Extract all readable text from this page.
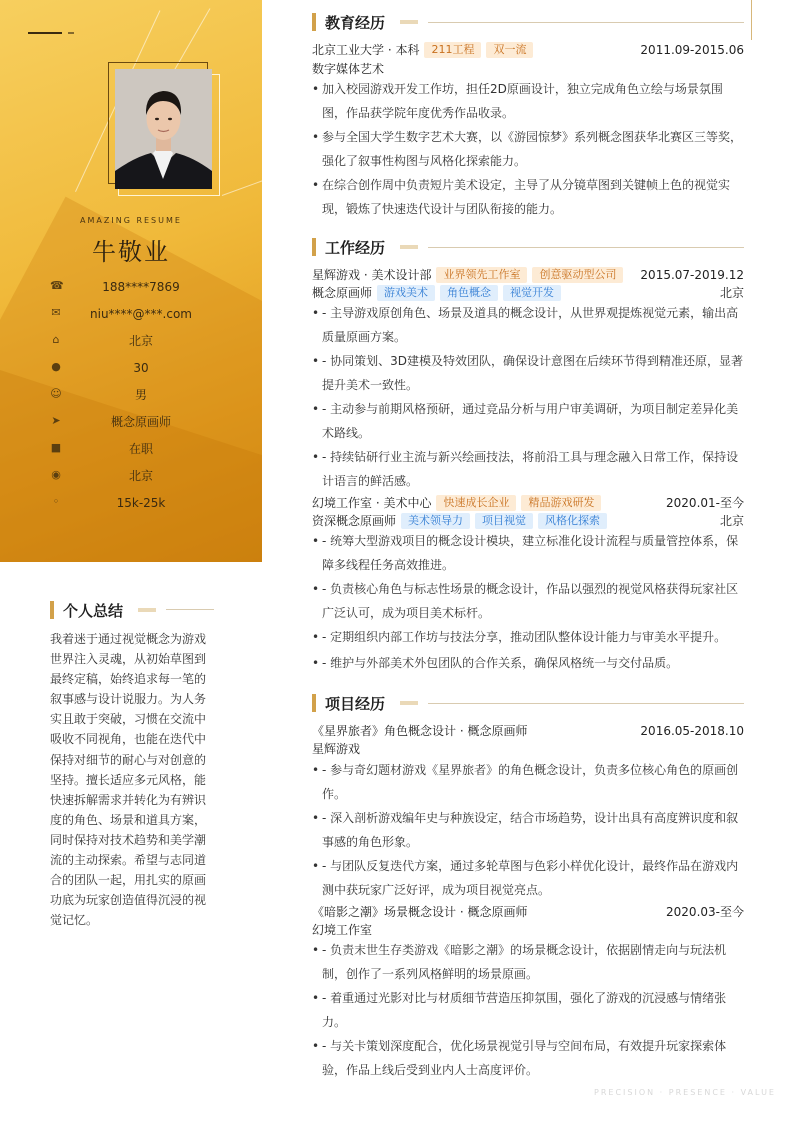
AMAZING RESUME
牛敬业
☎	188****7869
✉	niu****@***.com
⌂	北京
●	30
☺	男
➤	概念原画师
■	在职
◉	北京
◦	15k-25k
个人总结
我着迷于通过视觉概念为游戏世界注入灵魂，从初始草图到最终定稿，始终追求每一笔的叙事感与设计说服力。为人务实且敢于突破，习惯在交流中吸收不同视角，也能在迭代中保持对细节的耐心与对创意的坚持。擅长适应多元风格，能快速拆解需求并转化为有辨识度的角色、场景和道具方案，同时保持对技术趋势和美学潮流的主动探索。希望与志同道合的团队一起，用扎实的原画功底为玩家创造值得沉浸的视觉记忆。
教育经历
北京工业大学 · 本科 211工程 双一流	2011.09-2015.06
数字媒体艺术
• 加入校园游戏开发工作坊，担任2D原画设计，独立完成角色立绘与场景氛围图，作品获学院年度优秀作品收录。
• 参与全国大学生数字艺术大赛，以《游园惊梦》系列概念图获华北赛区三等奖，强化了叙事性构图与风格化探索能力。
• 在综合创作周中负责短片美术设定，主导了从分镜草图到关键帧上色的视觉实现，锻炼了快速迭代设计与团队衔接的能力。
工作经历
星辉游戏 · 美术设计部 业界领先工作室 创意驱动型公司	2015.07-2019.12
概念原画师 游戏美术 角色概念 视觉开发	北京
• - 主导游戏原创角色、场景及道具的概念设计，从世界观提炼视觉元素，输出高质量原画方案。
• - 协同策划、3D建模及特效团队，确保设计意图在后续环节得到精准还原，显著提升美术一致性。
• - 主动参与前期风格预研，通过竞品分析与用户审美调研，为项目制定差异化美术路线。
• - 持续钻研行业主流与新兴绘画技法，将前沿工具与理念融入日常工作，保持设计语言的鲜活感。
幻境工作室 · 美术中心 快速成长企业 精品游戏研发	2020.01-至今
资深概念原画师 美术领导力 项目视觉 风格化探索	北京
• - 统筹大型游戏项目的概念设计模块，建立标准化设计流程与质量管控体系，保障多线程任务高效推进。
• - 负责核心角色与标志性场景的概念设计，作品以强烈的视觉风格获得玩家社区广泛认可，成为项目美术标杆。
• - 定期组织内部工作坊与技法分享，推动团队整体设计能力与审美水平提升。
• - 维护与外部美术外包团队的合作关系，确保风格统一与交付品质。
项目经历
《星界旅者》角色概念设计 · 概念原画师	2016.05-2018.10
星辉游戏
• - 参与奇幻题材游戏《星界旅者》的角色概念设计，负责多位核心角色的原画创作。
• - 深入剖析游戏编年史与种族设定，结合市场趋势，设计出具有高度辨识度和叙事感的角色形象。
• - 与团队反复迭代方案，通过多轮草图与色彩小样优化设计，最终作品在游戏内测中获玩家广泛好评，成为项目视觉亮点。
《暗影之潮》场景概念设计 · 概念原画师	2020.03-至今
幻境工作室
• - 负责末世生存类游戏《暗影之潮》的场景概念设计，依据剧情走向与玩法机制，创作了一系列风格鲜明的场景原画。
• - 着重通过光影对比与材质细节营造压抑氛围，强化了游戏的沉浸感与情绪张力。
• - 与关卡策划深度配合，优化场景视觉引导与空间布局，有效提升玩家探索体验，作品上线后受到业内人士高度评价。
PRECISION · PRESENCE · VALUE
